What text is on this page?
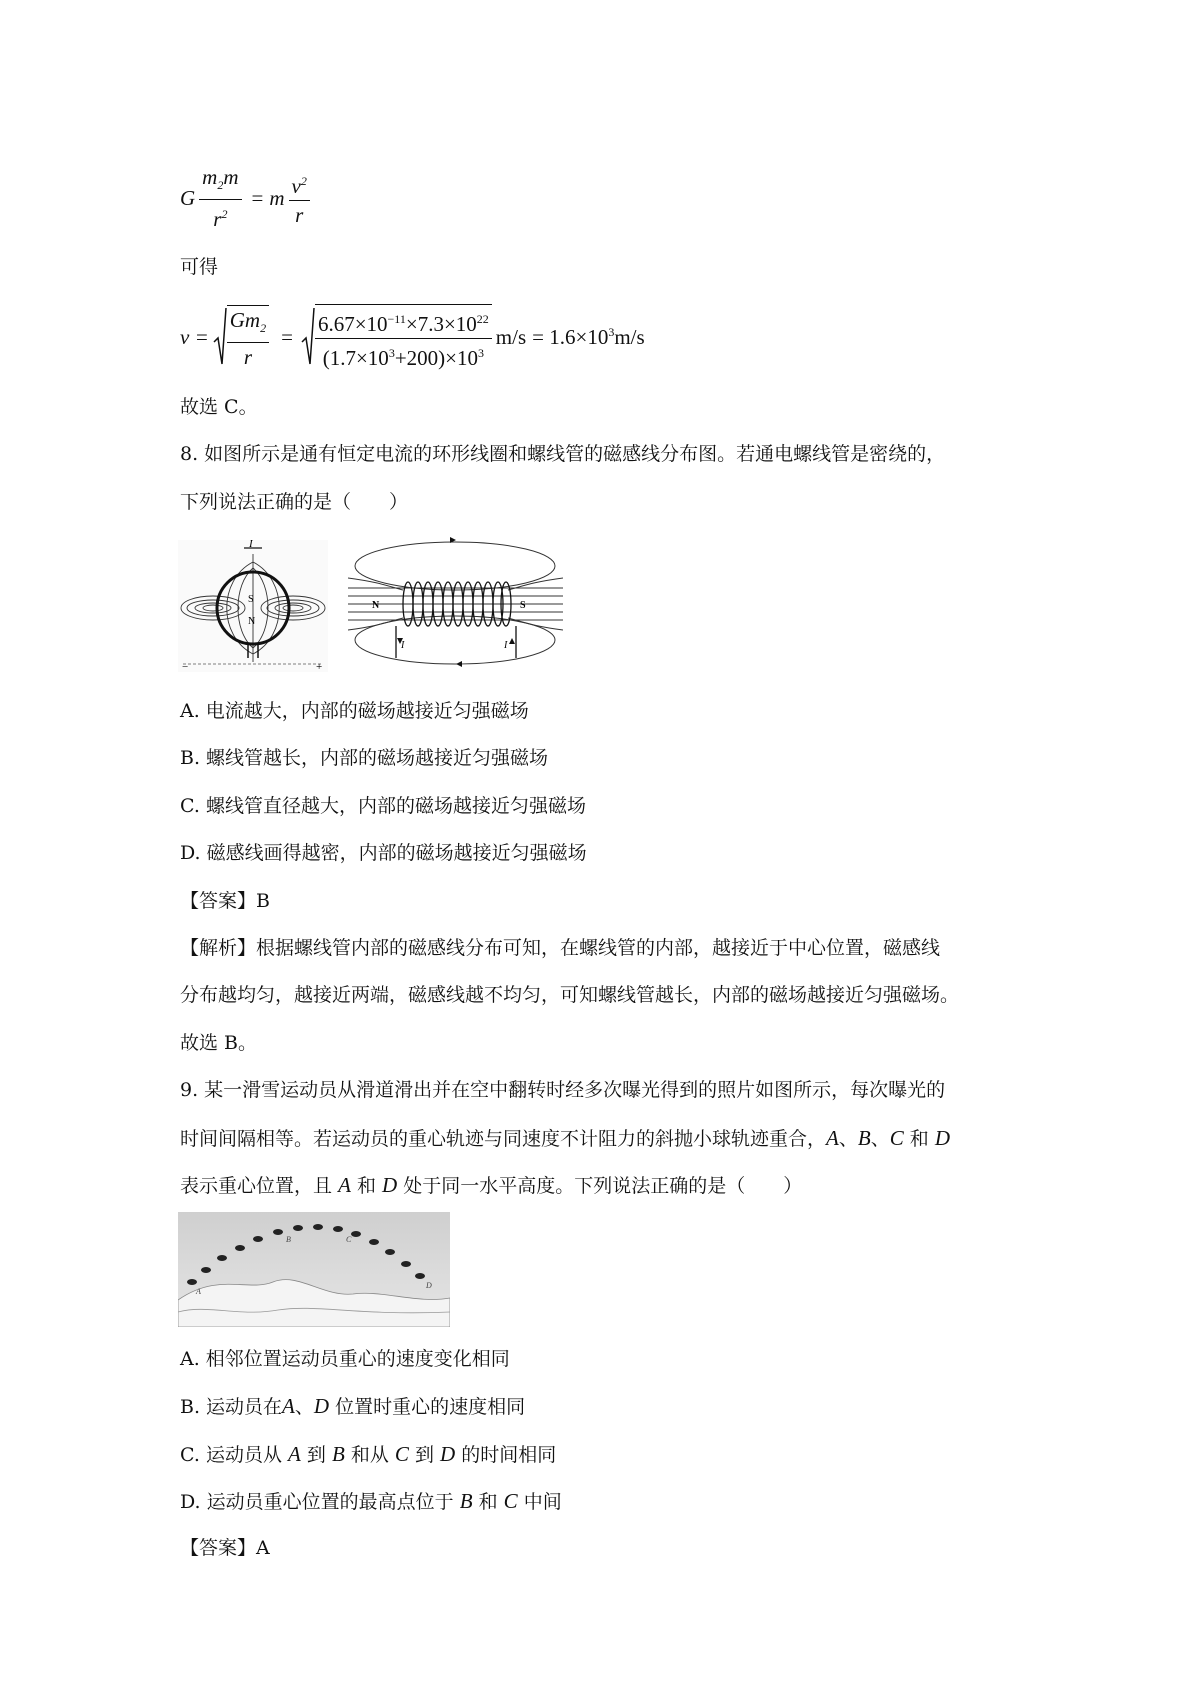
G $\frac{m_2m}{r^2} = m \frac{v^2}{r}$
可得
$v = \frac{Gm_2}{r} = \frac{6.67\times 10^{-11}\times 7.3\times 10^{22}}{(1.7\times 10^3+200)\times 10^3} m/s = 1.6\times 10^3m/s$
故选 C。
8. 如图所示是通有恒定电流的环形线圈和螺线管的磁感线分布图。若通电螺线管是密绕的，
下列说法正确的是（　　）
I
S
N
−	+
N	S
I	I
A. 电流越大，内部的磁场越接近匀强磁场
B. 螺线管越长，内部的磁场越接近匀强磁场
C. 螺线管直径越大，内部的磁场越接近匀强磁场
D. 磁感线画得越密，内部的磁场越接近匀强磁场
【答案】B
【解析】根据螺线管内部的磁感线分布可知，在螺线管的内部，越接近于中心位置，磁感线
分布越均匀，越接近两端，磁感线越不均匀，可知螺线管越长，内部的磁场越接近匀强磁场。
故选 B。
9. 某一滑雪运动员从滑道滑出并在空中翻转时经多次曝光得到的照片如图所示，每次曝光的
时间间隔相等。若运动员的重心轨迹与同速度不计阻力的斜抛小球轨迹重合，A、B、C 和 D
表示重心位置，且 A 和 D 处于同一水平高度。下列说法正确的是（　　）
A
B	C
D
A. 相邻位置运动员重心的速度变化相同
B. 运动员在A、D 位置时重心的速度相同
C. 运动员从 A 到 B 和从 C 到 D 的时间相同
D. 运动员重心位置的最高点位于 B 和 C 中间
【答案】A
